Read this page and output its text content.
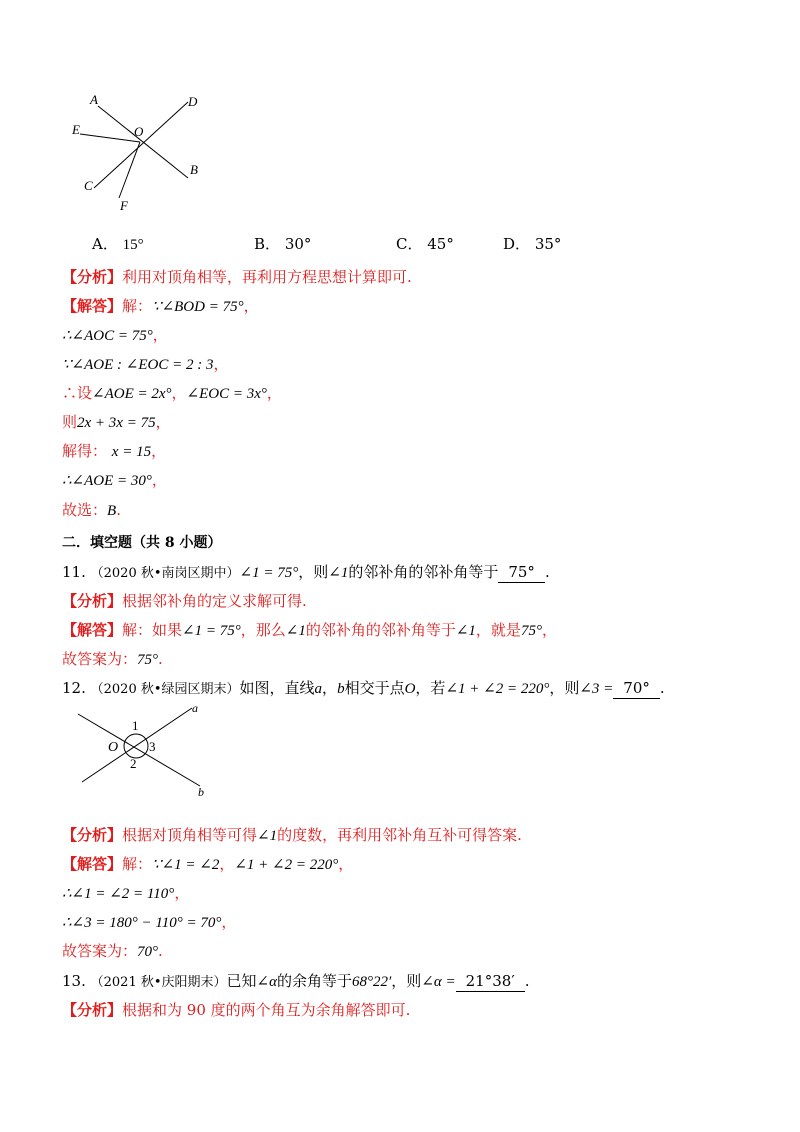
A	D
E	O
B
C
F
A． 15°	B． 30°	C． 45°	D． 35°
【分析】利用对顶角相等，再利用方程思想计算即可.
【解答】解：∵∠BOD = 75°，
∴∠AOC = 75°，
∵∠AOE : ∠EOC = 2 : 3，
∴设∠AOE = 2x°，∠EOC = 3x°，
则2x + 3x = 75，
解得： x = 15，
∴∠AOE = 30°，
故选：B.
二．填空题（共 8 小题）
11. （2020 秋•南岗区期中）∠1 = 75°，则∠1的邻补角的邻补角等于 75° .
【分析】根据邻补角的定义求解可得.
【解答】解：如果∠1 = 75°，那么∠1的邻补角的邻补角等于∠1，就是75°，
故答案为：75°.
12. （2020 秋•绿园区期末）如图，直线a，b相交于点O，若∠1 + ∠2 = 220°，则∠3 = 70° .
a
b
O
1
2
3
【分析】根据对顶角相等可得∠1的度数，再利用邻补角互补可得答案.
【解答】解：∵∠1 = ∠2，∠1 + ∠2 = 220°，
∴∠1 = ∠2 = 110°，
∴∠3 = 180° − 110° = 70°，
故答案为：70°.
13. （2021 秋•庆阳期末）已知∠α的余角等于68°22′，则∠α = 21°38′ .
【分析】根据和为 90 度的两个角互为余角解答即可.
